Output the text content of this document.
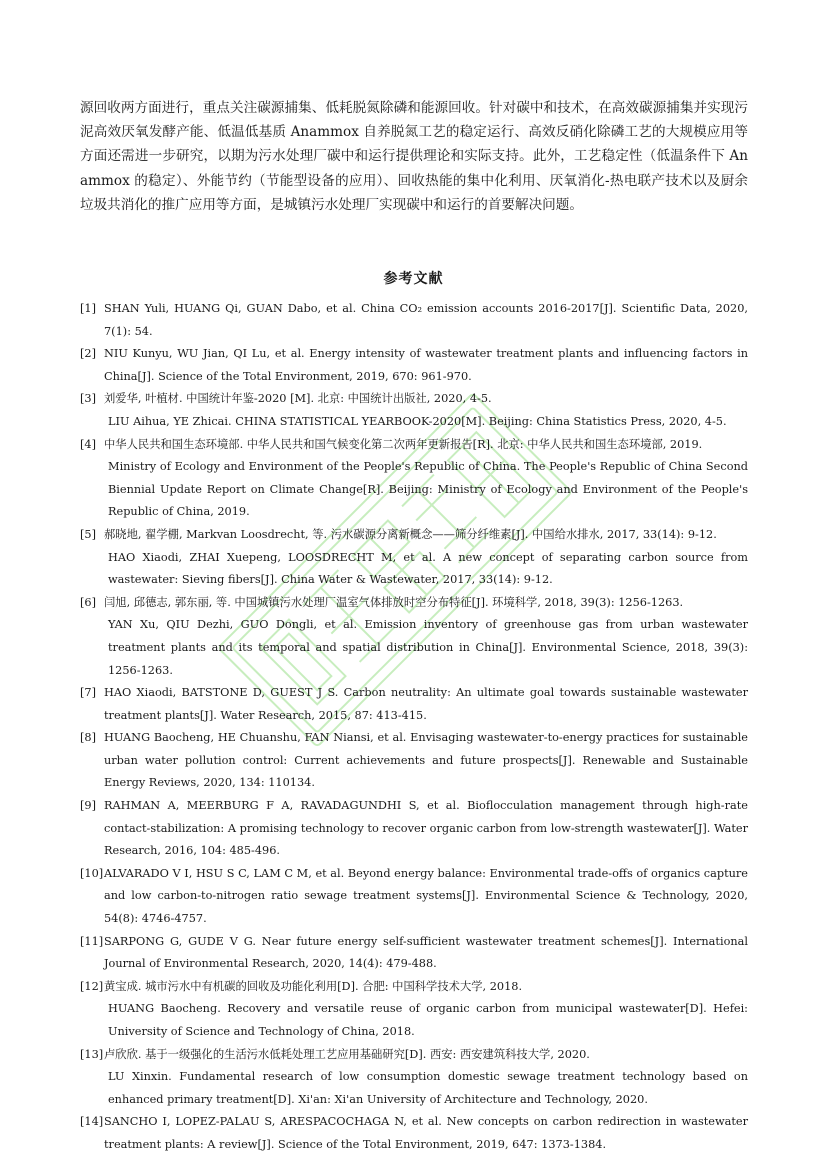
源回收两方面进行，重点关注碳源捕集、低耗脱氮除磷和能源回收。针对碳中和技术，在高效碳源捕集并实现污泥高效厌氧发酵产能、低温低基质 Anammox 自养脱氮工艺的稳定运行、高效反硝化除磷工艺的大规模应用等方面还需进一步研究，以期为污水处理厂碳中和运行提供理论和实际支持。此外，工艺稳定性（低温条件下 Anammox 的稳定）、外能节约（节能型设备的应用）、回收热能的集中化利用、厌氧消化-热电联产技术以及厨余垃圾共消化的推广应用等方面，是城镇污水处理厂实现碳中和运行的首要解决问题。
参考文献
[1] SHAN Yuli, HUANG Qi, GUAN Dabo, et al. China CO₂ emission accounts 2016-2017[J]. Scientific Data, 2020, 7(1): 54.
[2] NIU Kunyu, WU Jian, QI Lu, et al. Energy intensity of wastewater treatment plants and influencing factors in China[J]. Science of the Total Environment, 2019, 670: 961-970.
[3] 刘爱华, 叶植材. 中国统计年鉴-2020 [M]. 北京: 中国统计出版社, 2020, 4-5.
LIU Aihua, YE Zhicai. CHINA STATISTICAL YEARBOOK-2020[M]. Beijing: China Statistics Press, 2020, 4-5.
[4] 中华人民共和国生态环境部. 中华人民共和国气候变化第二次两年更新报告[R]. 北京: 中华人民共和国生态环境部, 2019.
Ministry of Ecology and Environment of the People's Republic of China. The People's Republic of China Second Biennial Update Report on Climate Change[R]. Beijing: Ministry of Ecology and Environment of the People's Republic of China, 2019.
[5] 郝晓地, 翟学棚, Markvan Loosdrecht, 等. 污水碳源分离新概念——筛分纤维素[J]. 中国给水排水, 2017, 33(14): 9-12.
HAO Xiaodi, ZHAI Xuepeng, LOOSDRECHT M, et al. A new concept of separating carbon source from wastewater: Sieving fibers[J]. China Water & Wastewater, 2017, 33(14): 9-12.
[6] 闫旭, 邱德志, 郭东丽, 等. 中国城镇污水处理厂温室气体排放时空分布特征[J]. 环境科学, 2018, 39(3): 1256-1263.
YAN Xu, QIU Dezhi, GUO Dongli, et al. Emission inventory of greenhouse gas from urban wastewater treatment plants and its temporal and spatial distribution in China[J]. Environmental Science, 2018, 39(3): 1256-1263.
[7] HAO Xiaodi, BATSTONE D, GUEST J S. Carbon neutrality: An ultimate goal towards sustainable wastewater treatment plants[J]. Water Research, 2015, 87: 413-415.
[8] HUANG Baocheng, HE Chuanshu, FAN Niansi, et al. Envisaging wastewater-to-energy practices for sustainable urban water pollution control: Current achievements and future prospects[J]. Renewable and Sustainable Energy Reviews, 2020, 134: 110134.
[9] RAHMAN A, MEERBURG F A, RAVADAGUNDHI S, et al. Bioflocculation management through high-rate contact-stabilization: A promising technology to recover organic carbon from low-strength wastewater[J]. Water Research, 2016, 104: 485-496.
[10] ALVARADO V I, HSU S C, LAM C M, et al. Beyond energy balance: Environmental trade-offs of organics capture and low carbon-to-nitrogen ratio sewage treatment systems[J]. Environmental Science & Technology, 2020, 54(8): 4746-4757.
[11] SARPONG G, GUDE V G. Near future energy self-sufficient wastewater treatment schemes[J]. International Journal of Environmental Research, 2020, 14(4): 479-488.
[12] 黄宝成. 城市污水中有机碳的回收及功能化利用[D]. 合肥: 中国科学技术大学, 2018.
HUANG Baocheng. Recovery and versatile reuse of organic carbon from municipal wastewater[D]. Hefei: University of Science and Technology of China, 2018.
[13] 卢欣欣. 基于一级强化的生活污水低耗处理工艺应用基础研究[D]. 西安: 西安建筑科技大学, 2020.
LU Xinxin. Fundamental research of low consumption domestic sewage treatment technology based on enhanced primary treatment[D]. Xi'an: Xi'an University of Architecture and Technology, 2020.
[14] SANCHO I, LOPEZ-PALAU S, ARESPACOCHAGA N, et al. New concepts on carbon redirection in wastewater treatment plants: A review[J]. Science of the Total Environment, 2019, 647: 1373-1384.
